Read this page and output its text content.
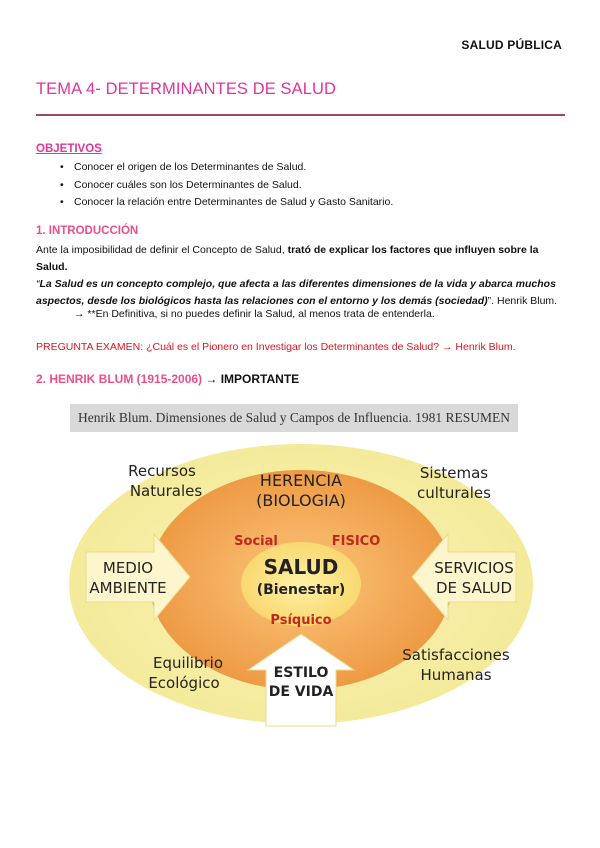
SALUD PÚBLICA
TEMA 4- DETERMINANTES DE SALUD
OBJETIVOS
• Conocer el origen de los Determinantes de Salud.
• Conocer cuáles son los Determinantes de Salud.
• Conocer la relación entre Determinantes de Salud y Gasto Sanitario.
1. INTRODUCCIÓN
Ante la imposibilidad de definir el Concepto de Salud, trató de explicar los factores que influyen sobre la Salud.
“La Salud es un concepto complejo, que afecta a las diferentes dimensiones de la vida y abarca muchos aspectos, desde los biológicos hasta las relaciones con el entorno y los demás (sociedad)”. Henrik Blum.
→ **En Definitiva, si no puedes definir la Salud, al menos trata de entenderla.
PREGUNTA EXAMEN: ¿Cuál es el Pionero en Investigar los Determinantes de Salud? → Henrik Blum.
2. HENRIK BLUM (1915-2006) → IMPORTANTE
Henrik Blum. Dimensiones de Salud y Campos de Influencia. 1981 RESUMEN
HERENCIA
(BIOLOGIA)
Social	FISICO
SALUD
(Bienestar)
Psíquico
MEDIO
AMBIENTE
SERVICIOS
DE SALUD
ESTILO
DE VIDA
Recursos
Naturales
Sistemas
culturales
Equilibrio
Ecológico
Satisfacciones
Humanas
